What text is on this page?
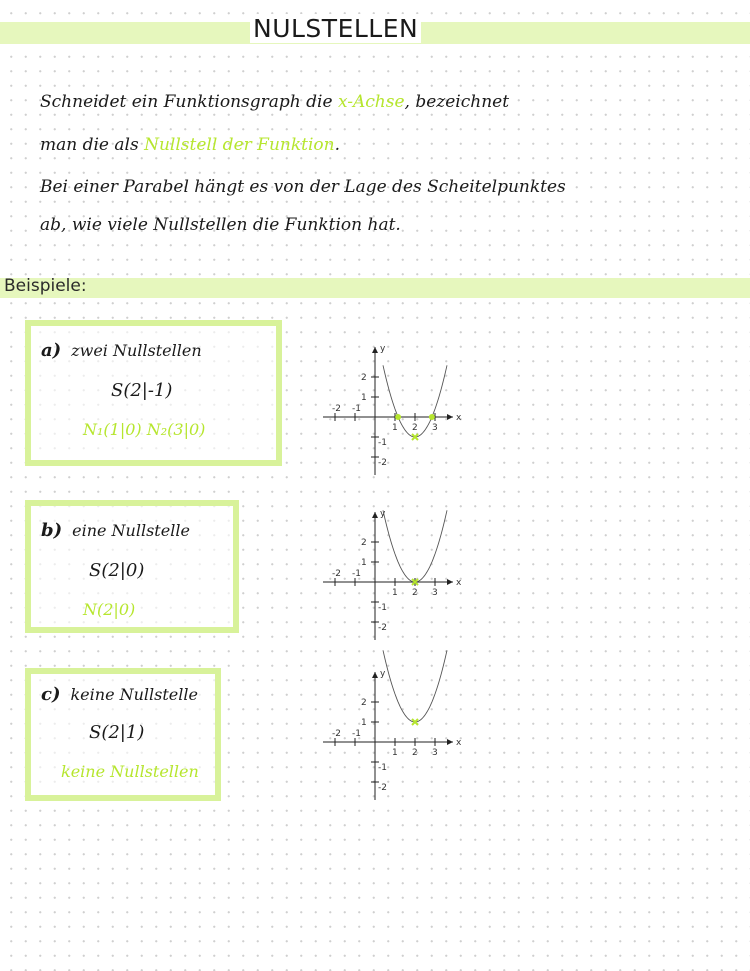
NULSTELLEN
Schneidet ein Funktionsgraph die x-Achse, bezeichnet
man die als Nullstell der Funktion.
Bei einer Parabel hängt es von der Lage des Scheitelpunktes
ab, wie viele Nullstellen die Funktion hat.
Beispiele:
a) zwei Nullstellen
S(2|-1)
N₁(1|0) N₂(3|0)
b) eine Nullstelle
S(2|0)
N(2|0)
c) keine Nullstelle
S(2|1)
keine Nullstellen
x
y
-2 -1
1 2 3
2
1
-1
-2
x
y
-2 -1
1 2 3
2
1
-1
-2
x
y
-2 -1
1 2 3
2
1
-1
-2
